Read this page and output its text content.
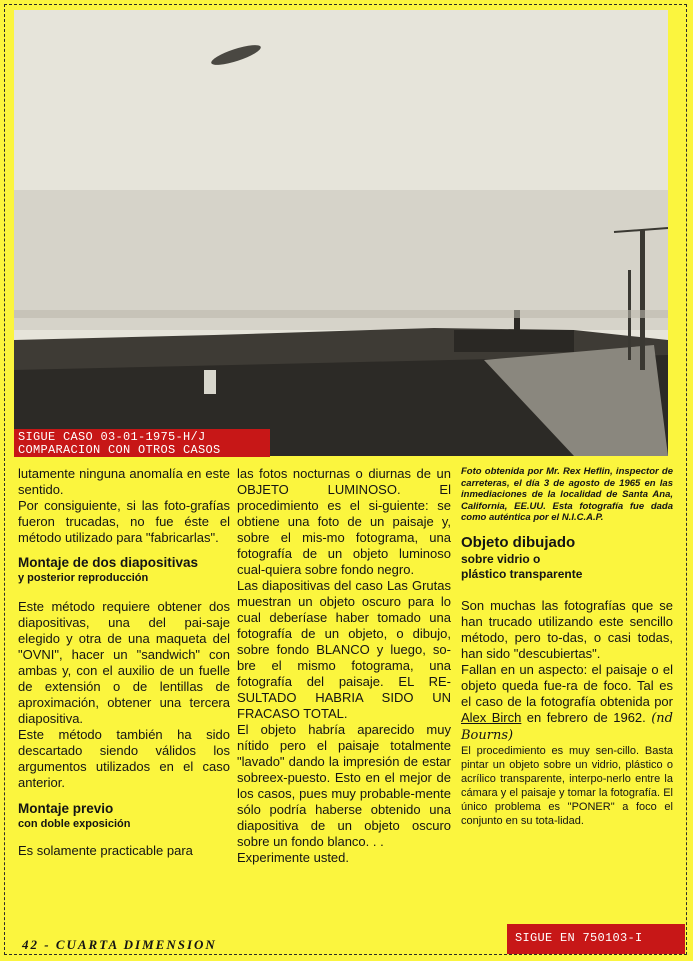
SIGUE CASO 03-01-1975-H/J
COMPARACION CON OTROS CASOS

lutamente ninguna anomalía en este sentido.

Por consiguiente, si las foto-grafías fueron trucadas, no fue éste el método utilizado para "fabricarlas".

Montaje de dos diapositivas

y posterior reproducción

Este método requiere obtener dos diapositivas, una del pai-saje elegido y otra de una maqueta del "OVNI", hacer un "sandwich" con ambas y, con el auxilio de un fuelle de extensión o de lentillas de aproximación, obtener una tercera diapositiva.

Este método también ha sido descartado siendo válidos los argumentos utilizados en el caso anterior.

Montaje previo

con doble exposición

Es solamente practicable para

las fotos nocturnas o diurnas de un OBJETO LUMINOSO. El procedimiento es el si-guiente: se obtiene una foto de un paisaje y, sobre el mis-mo fotograma, una fotografía de un objeto luminoso cual-quiera sobre fondo negro.

Las diapositivas del caso Las Grutas muestran un objeto oscuro para lo cual deberíase haber tomado una fotografía de un objeto, o dibujo, sobre fondo BLANCO y luego, so-bre el mismo fotograma, una fotografía del paisaje. EL RE-SULTADO HABRIA SIDO UN FRACASO TOTAL.

El objeto habría aparecido muy nítido pero el paisaje totalmente "lavado" dando la impresión de estar sobreex-puesto. Esto en el mejor de los casos, pues muy probable-mente sólo podría haberse obtenido una diapositiva de un objeto oscuro sobre un fondo blanco. . .

Experimente usted.

Foto obtenida por Mr. Rex Heflin, inspector de carreteras, el día 3 de agosto de 1965 en las inmediaciones de la localidad de Santa Ana, California, EE.UU. Esta fotografía fue dada como auténtica por el N.I.C.A.P.

Objeto dibujado

sobre vidrio o

plástico transparente

Son muchas las fotografías que se han trucado utilizando este sencillo método, pero to-das, o casi todas, han sido "descubiertas".

Fallan en un aspecto: el paisaje o el objeto queda fue-ra de foco. Tal es el caso de la fotografía obtenida por Alex Birch en febrero de 1962. (nd Bourns)

El procedimiento es muy sen-cillo. Basta pintar un objeto sobre un vidrio, plástico o acrílico transparente, interpo-nerlo entre la cámara y el paisaje y tomar la fotografía. El único problema es "PONER" a foco el conjunto en su tota-lidad.

42 - CUARTA DIMENSION	SIGUE EN 750103-I
